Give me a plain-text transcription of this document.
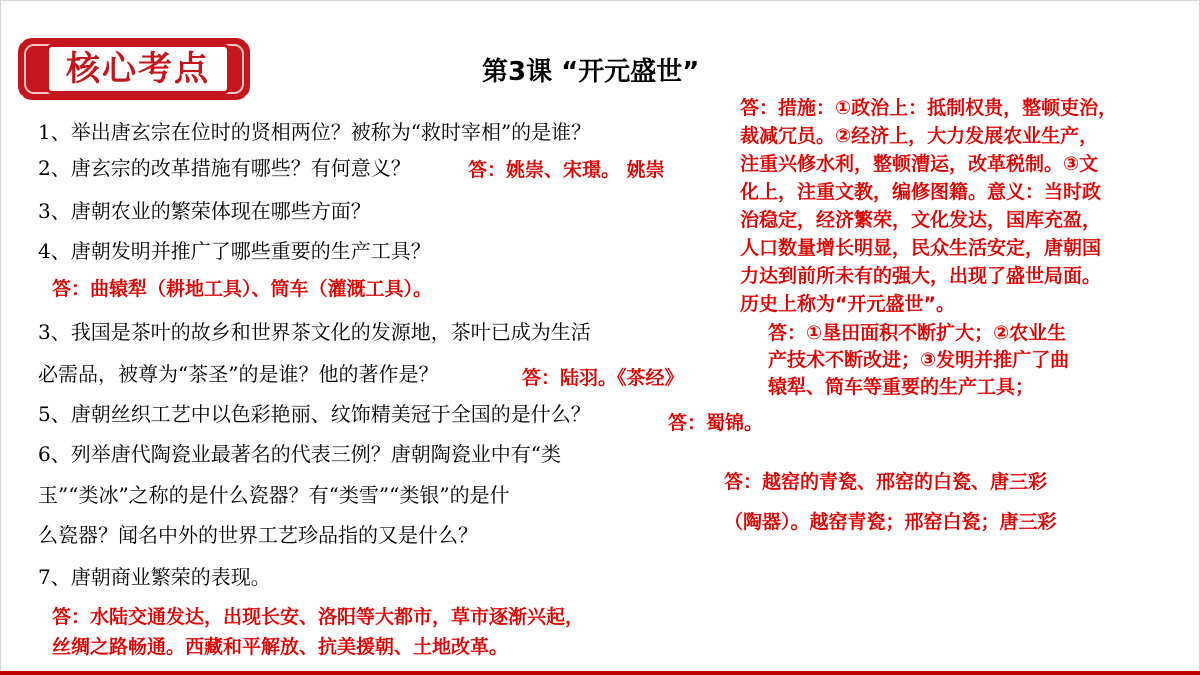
核心考点	第3课 “开元盛世”
1、举出唐玄宗在位时的贤相两位？被称为“救时宰相”的是谁？
2、唐玄宗的改革措施有哪些？有何意义？
3、唐朝农业的繁荣体现在哪些方面？
4、唐朝发明并推广了哪些重要的生产工具？
3、我国是茶叶的故乡和世界茶文化的发源地，茶叶已成为生活
必需品，被尊为“茶圣”的是谁？他的著作是？
5、唐朝丝织工艺中以色彩艳丽、纹饰精美冠于全国的是什么？
6、列举唐代陶瓷业最著名的代表三例？唐朝陶瓷业中有“类
玉”“类冰”之称的是什么瓷器？有“类雪”“类银”的是什
么瓷器？闻名中外的世界工艺珍品指的又是什么？
7、唐朝商业繁荣的表现。
答：姚崇、宋璟。 姚崇
答：措施：①政治上：抵制权贵，整顿吏治，
裁减冗员。②经济上，大力发展农业生产，
注重兴修水利，整顿漕运，改革税制。③文
化上，注重文教，编修图籍。意义：当时政
治稳定，经济繁荣，文化发达，国库充盈，
人口数量增长明显，民众生活安定，唐朝国
力达到前所未有的强大，出现了盛世局面。
历史上称为“开元盛世”。
答：曲辕犁（耕地工具）、筒车（灌溉工具）。
答：①垦田面积不断扩大；②农业生
产技术不断改进；③发明并推广了曲
辕犁、筒车等重要的生产工具；
答：陆羽。《茶经》
答：蜀锦。
答：越窑的青瓷、邢窑的白瓷、唐三彩
（陶器）。越窑青瓷；邢窑白瓷；唐三彩
答：水陆交通发达，出现长安、洛阳等大都市，草市逐渐兴起，
丝绸之路畅通。西藏和平解放、抗美援朝、土地改革。
